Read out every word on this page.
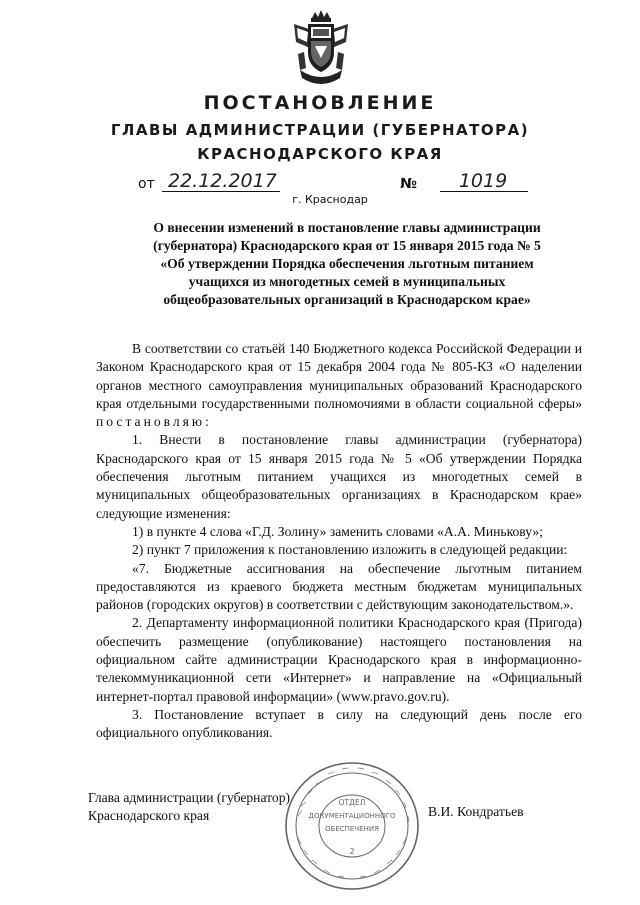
ПОСТАНОВЛЕНИЕ
ГЛАВЫ АДМИНИСТРАЦИИ (ГУБЕРНАТОРА)
КРАСНОДАРСКОГО КРАЯ
от 22.12.2017	№	1019
г. Краснодар
О внесении изменений в постановление главы администрации
(губернатора) Краснодарского края от 15 января 2015 года № 5
«Об утверждении Порядка обеспечения льготным питанием
учащихся из многодетных семей в муниципальных
общеобразовательных организаций в Краснодарском крае»

В соответствии со статьёй 140 Бюджетного кодекса Российской Федерации и Законом Краснодарского края от 15 декабря 2004 года № 805-КЗ «О наделении органов местного самоуправления муниципальных образований Краснодарского края отдельными государственными полномочиями в области социальной сферы» постановляю:

1. Внести в постановление главы администрации (губернатора) Краснодарского края от 15 января 2015 года № 5 «Об утверждении Порядка обеспечения льготным питанием учащихся из многодетных семей в муниципальных общеобразовательных организациях в Краснодарском крае» следующие изменения:

1) в пункте 4 слова «Г.Д. Золину» заменить словами «А.А. Минькову»;

2) пункт 7 приложения к постановлению изложить в следующей редакции:

«7. Бюджетные ассигнования на обеспечение льготным питанием предоставляются из краевого бюджета местным бюджетам муниципальных районов (городских округов) в соответствии с действующим законодательством.».

2. Департаменту информационной политики Краснодарского края (Пригода) обеспечить размещение (опубликование) настоящего постановления на официальном сайте администрации Краснодарского края в информационно-телекоммуникационной сети «Интернет» и направление на «Официальный интернет-портал правовой информации» (www.pravo.gov.ru).

3. Постановление вступает в силу на следующий день после его официального опубликования.

Глава администрации (губернатор)
Краснодарского края	В.И. Кондратьев
ОТДЕЛ
ДОКУМЕНТАЦИОННОГО
ОБЕСПЕЧЕНИЯ
2
